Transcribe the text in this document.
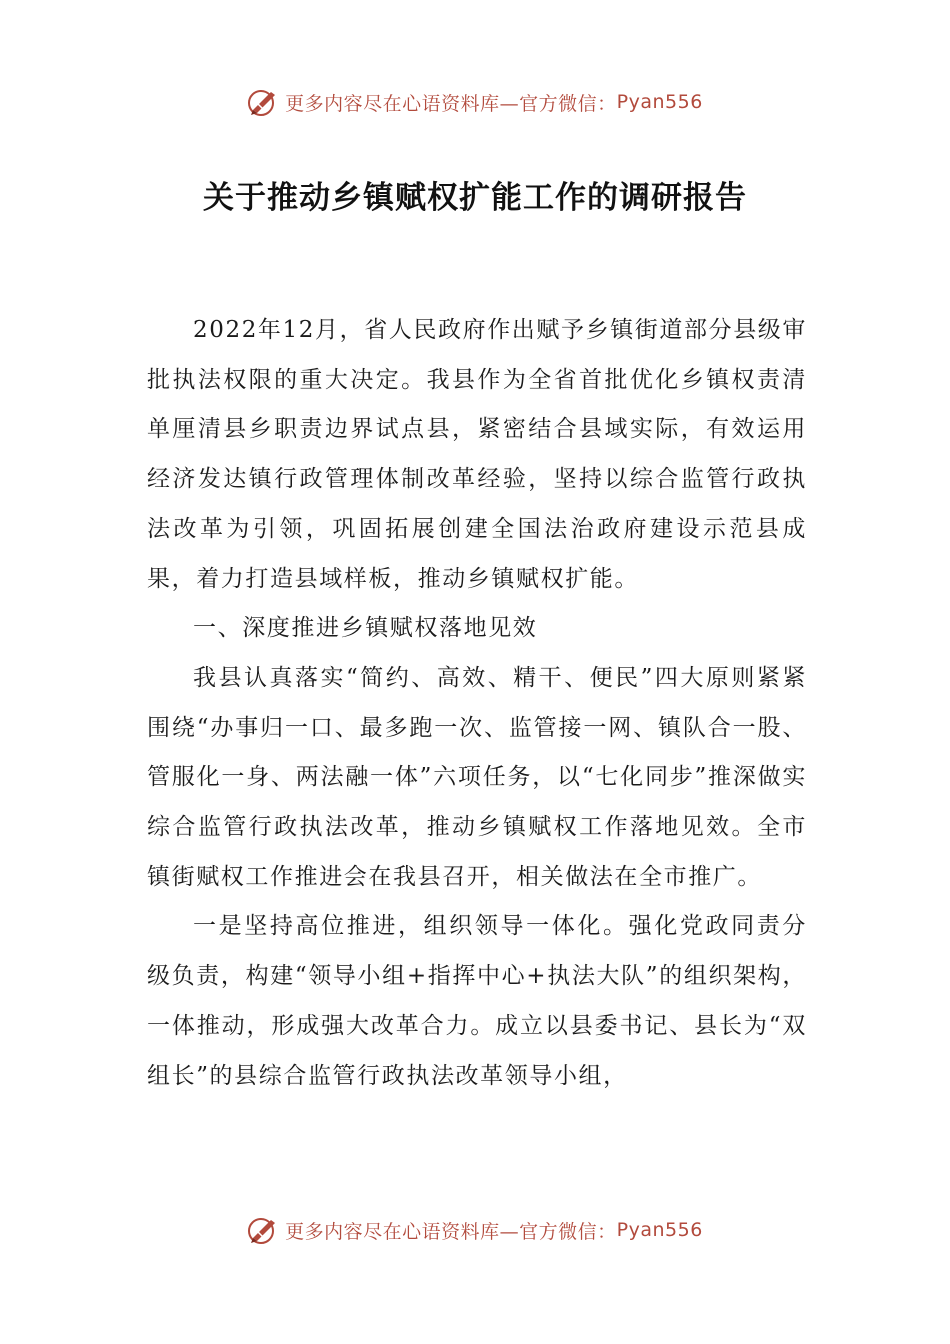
更多内容尽在心语资料库—官方微信： Pyan556
关于推动乡镇赋权扩能工作的调研报告

2022年12月，省人民政府作出赋予乡镇街道部分县级审批执法权限的重大决定。我县作为全省首批优化乡镇权责清单厘清县乡职责边界试点县，紧密结合县域实际，有效运用经济发达镇行政管理体制改革经验，坚持以综合监管行政执法改革为引领，巩固拓展创建全国法治政府建设示范县成果，着力打造县域样板，推动乡镇赋权扩能。

一、深度推进乡镇赋权落地见效

我县认真落实“简约、高效、精干、便民”四大原则紧紧围绕“办事归一口、最多跑一次、监管接一网、镇队合一股、管服化一身、两法融一体”六项任务，以“七化同步”推深做实综合监管行政执法改革，推动乡镇赋权工作落地见效。全市镇街赋权工作推进会在我县召开，相关做法在全市推广。

一是坚持高位推进，组织领导一体化。强化党政同责分级负责，构建“领导小组+指挥中心+执法大队”的组织架构，一体推动，形成强大改革合力。成立以县委书记、县长为“双组长”的县综合监管行政执法改革领导小组，

更多内容尽在心语资料库—官方微信： Pyan556
